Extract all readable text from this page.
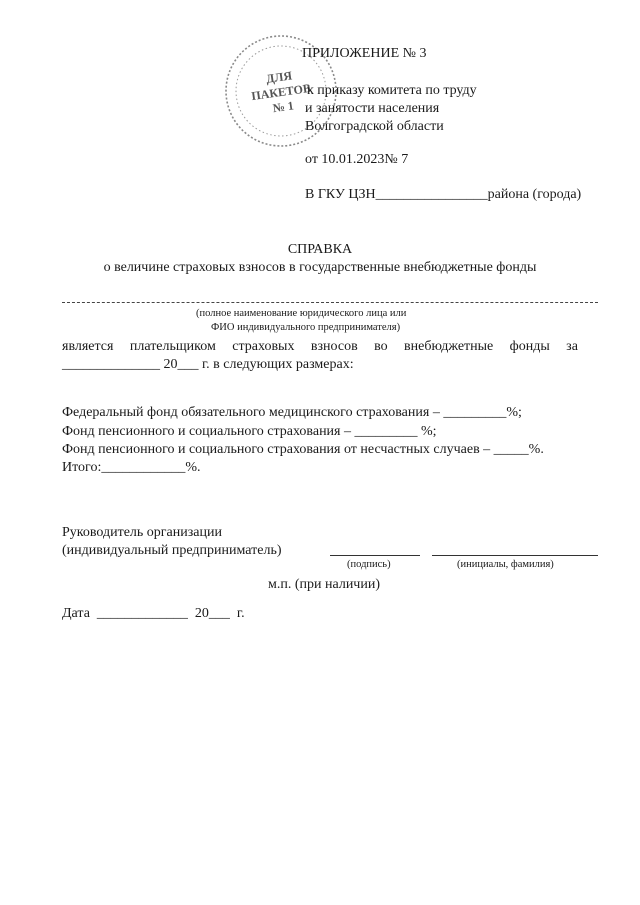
ДЛЯ
ПАКЕТОВ
№ 1
ПРИЛОЖЕНИЕ № 3
к приказу комитета по труду
и занятости населения
Волгоградской области
от 10.01.2023№ 7
В ГКУ ЦЗН________________района (города)
СПРАВКА
о величине страховых взносов в государственные внебюджетные фонды
(полное наименование юридического лица или
ФИО индивидуального предпринимателя)
является плательщиком страховых взносов во внебюджетные фонды за
______________ 20___ г. в следующих размерах:
Федеральный фонд обязательного медицинского страхования – _________%;
Фонд пенсионного и социального страхования – _________ %;
Фонд пенсионного и социального страхования от несчастных случаев – _____%.
Итого:____________%.
Руководитель организации
(индивидуальный предприниматель)
(подпись)	(инициалы, фамилия)
м.п. (при наличии)
Дата _____________ 20___ г.
